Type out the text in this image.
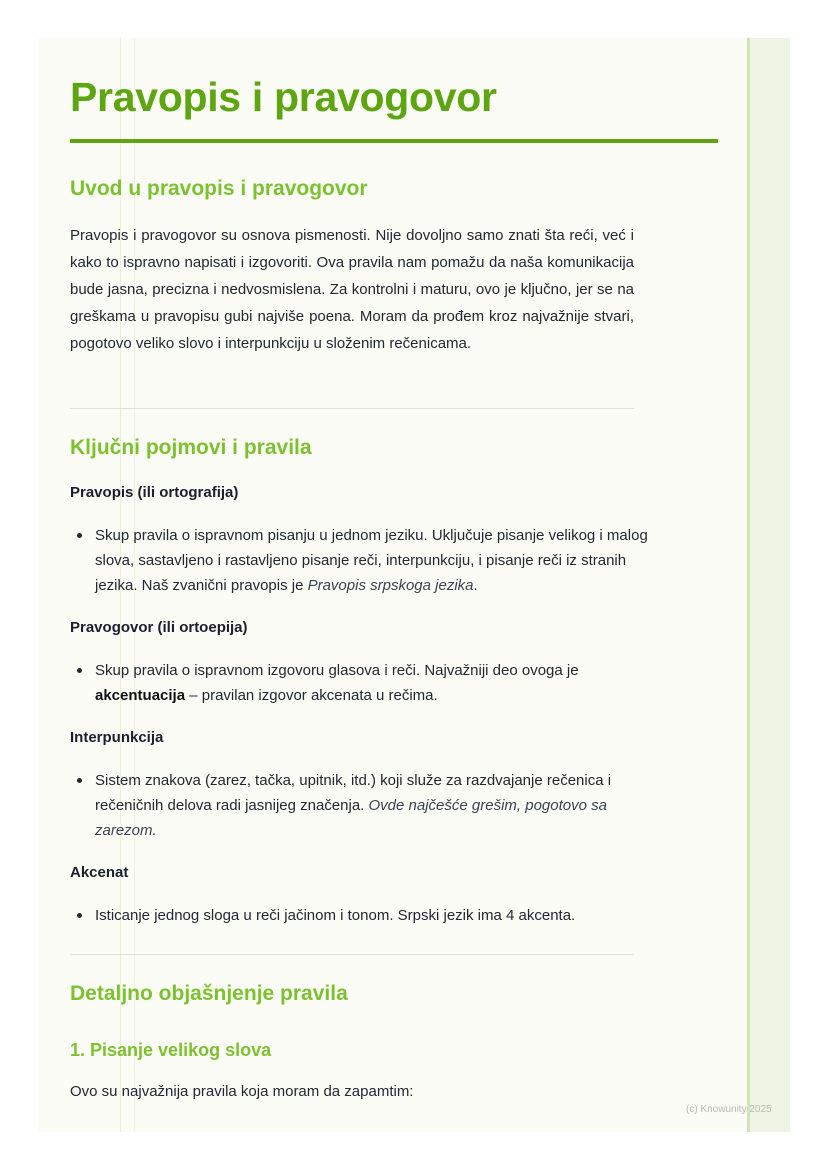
Pravopis i pravogovor
Uvod u pravopis i pravogovor

Pravopis i pravogovor su osnova pismenosti. Nije dovoljno samo znati šta reći, već i kako to ispravno napisati i izgovoriti. Ova pravila nam pomažu da naša komunikacija bude jasna, precizna i nedvosmislena. Za kontrolni i maturu, ovo je ključno, jer se na greškama u pravopisu gubi najviše poena. Moram da prođem kroz najvažnije stvari, pogotovo veliko slovo i interpunkciju u složenim rečenicama.

Ključni pojmovi i pravila
Pravopis (ili ortografija)
Skup pravila o ispravnom pisanju u jednom jeziku. Uključuje pisanje velikog i malog slova, sastavljeno i rastavljeno pisanje reči, interpunkciju, i pisanje reči iz stranih jezika. Naš zvanični pravopis je Pravopis srpskoga jezika.
Pravogovor (ili ortoepija)
Skup pravila o ispravnom izgovoru glasova i reči. Najvažniji deo ovoga je akcentuacija – pravilan izgovor akcenata u rečima.
Interpunkcija
Sistem znakova (zarez, tačka, upitnik, itd.) koji služe za razdvajanje rečenica i rečeničnih delova radi jasnijeg značenja. Ovde najčešće grešim, pogotovo sa zarezom.
Akcenat
Isticanje jednog sloga u reči jačinom i tonom. Srpski jezik ima 4 akcenta.
Detaljno objašnjenje pravila
1. Pisanje velikog slova

Ovo su najvažnija pravila koja moram da zapamtim:

(c) Knowunity 2025
